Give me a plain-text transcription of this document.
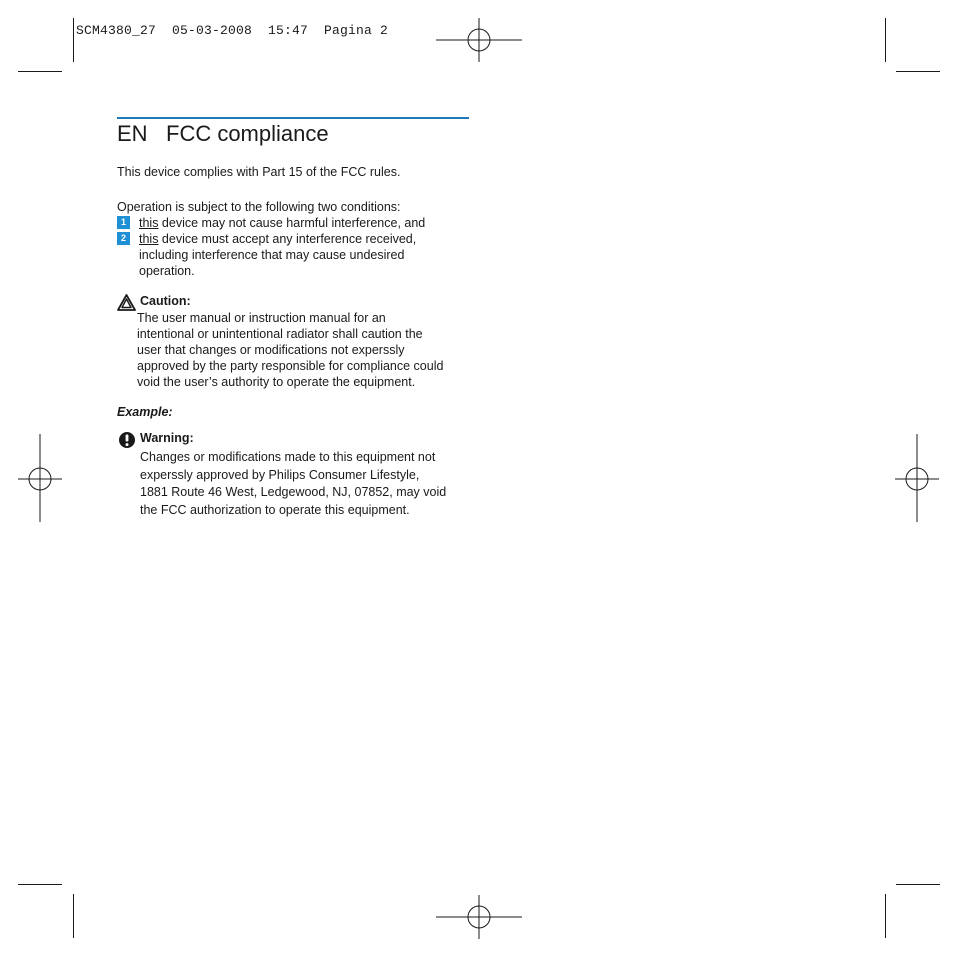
SCM4380_27  05-03-2008  15:47  Pagina 2
EN FCC compliance
This device complies with Part 15 of the FCC rules.
Operation is subject to the following two conditions:
1	this device may not cause harmful interference, and
2	this device must accept any interference received,
including interference that may cause undesired
operation.
Caution:
The user manual or instruction manual for an
intentional or unintentional radiator shall caution the
user that changes or modifications not experssly
approved by the party responsible for compliance could
void the user’s authority to operate the equipment.
Example:
Warning:
Changes or modifications made to this equipment not
experssly approved by Philips Consumer Lifestyle,
1881 Route 46 West, Ledgewood, NJ, 07852, may void
the FCC authorization to operate this equipment.
